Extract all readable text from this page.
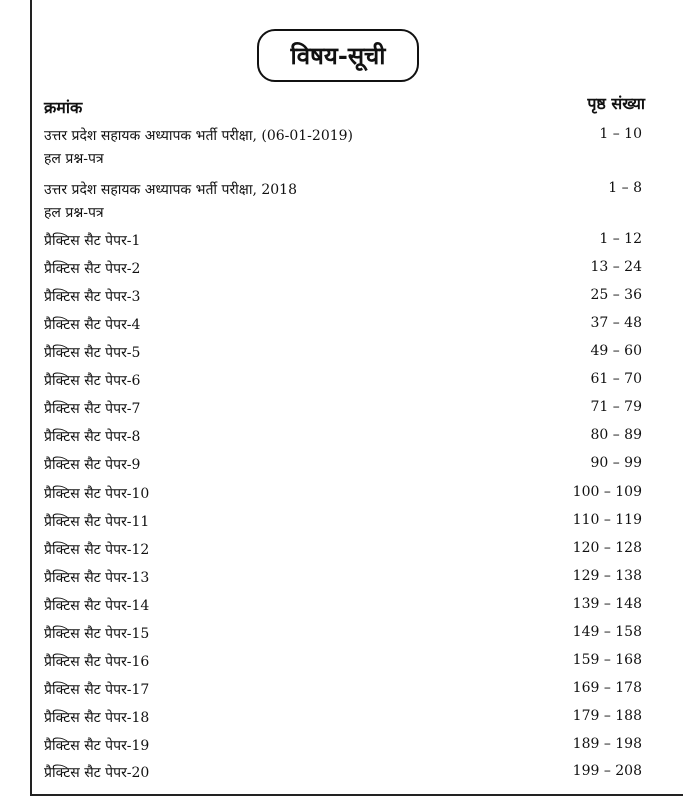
विषय-सूची
क्रमांक	पृष्ठ संख्या
उत्तर प्रदेश सहायक अध्यापक भर्ती परीक्षा, (06-01-2019)
हल प्रश्न-पत्र
1 – 10
उत्तर प्रदेश सहायक अध्यापक भर्ती परीक्षा, 2018
हल प्रश्न-पत्र
1 – 8
प्रैक्टिस सैट पेपर-1	1 – 12
प्रैक्टिस सैट पेपर-2	13 – 24
प्रैक्टिस सैट पेपर-3	25 – 36
प्रैक्टिस सैट पेपर-4	37 – 48
प्रैक्टिस सैट पेपर-5	49 – 60
प्रैक्टिस सैट पेपर-6	61 – 70
प्रैक्टिस सैट पेपर-7	71 – 79
प्रैक्टिस सैट पेपर-8	80 – 89
प्रैक्टिस सैट पेपर-9	90 – 99
प्रैक्टिस सैट पेपर-10	100 – 109
प्रैक्टिस सैट पेपर-11	110 – 119
प्रैक्टिस सैट पेपर-12	120 – 128
प्रैक्टिस सैट पेपर-13	129 – 138
प्रैक्टिस सैट पेपर-14	139 – 148
प्रैक्टिस सैट पेपर-15	149 – 158
प्रैक्टिस सैट पेपर-16	159 – 168
प्रैक्टिस सैट पेपर-17	169 – 178
प्रैक्टिस सैट पेपर-18	179 – 188
प्रैक्टिस सैट पेपर-19	189 – 198
प्रैक्टिस सैट पेपर-20	199 – 208
